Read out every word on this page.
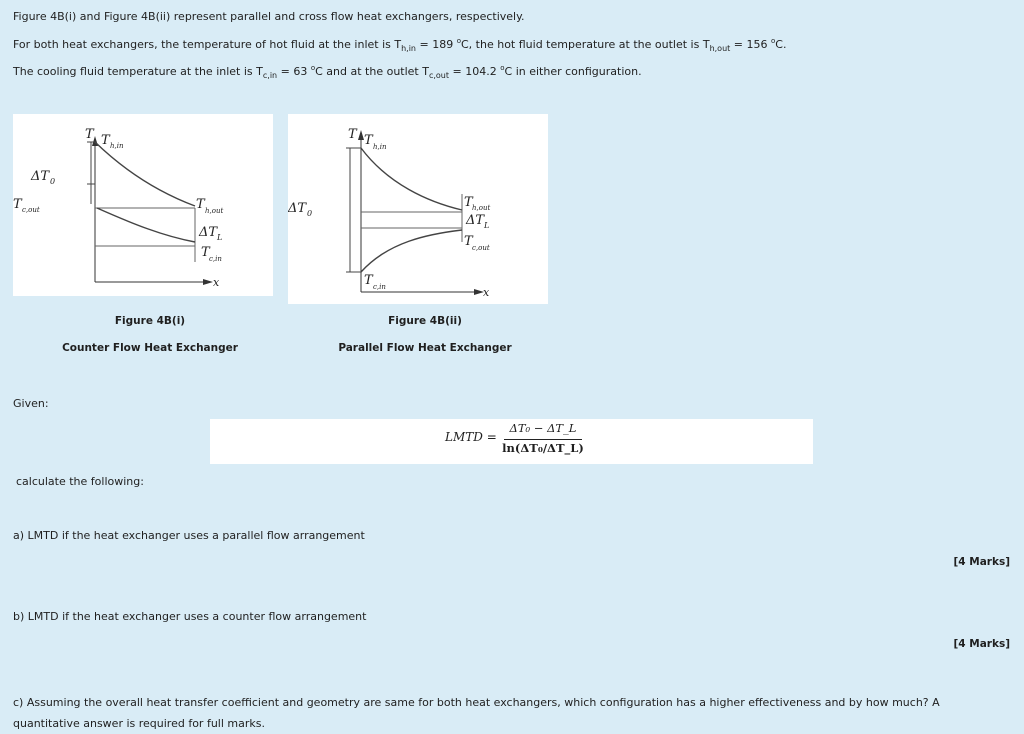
Figure 4B(i) and Figure 4B(ii) represent parallel and cross flow heat exchangers, respectively.
For both heat exchangers, the temperature of hot fluid at the inlet is $T_{h,in} = 189$ $^o$C, the hot fluid temperature at the outlet is $T_{h,out} = 156$ $^o$C.
The cooling fluid temperature at the inlet is $T_{c,in} = 63$ $^o$C and at the outlet $T_{c,out} = 104.2$ $^o$C in either configuration.
T T h,in
ΔT 0
T c,out	T h,out
ΔT L
T c,in
x
T T h,in
ΔT 0
T h,out
ΔT L
T c,out
T c,in	x
Figure 4B(i)
Counter Flow Heat Exchanger
Figure 4B(ii)
Parallel Flow Heat Exchanger
Given:
LMTD =
ΔT₀ − ΔT_L
ln(ΔT₀/ΔT_L)
calculate the following:
a) LMTD if the heat exchanger uses a parallel flow arrangement
[4 Marks]
b) LMTD if the heat exchanger uses a counter flow arrangement
[4 Marks]
c) Assuming the overall heat transfer coefficient and geometry are same for both heat exchangers, which configuration has a higher effectiveness and by how much? A quantitative answer is required for full marks.
